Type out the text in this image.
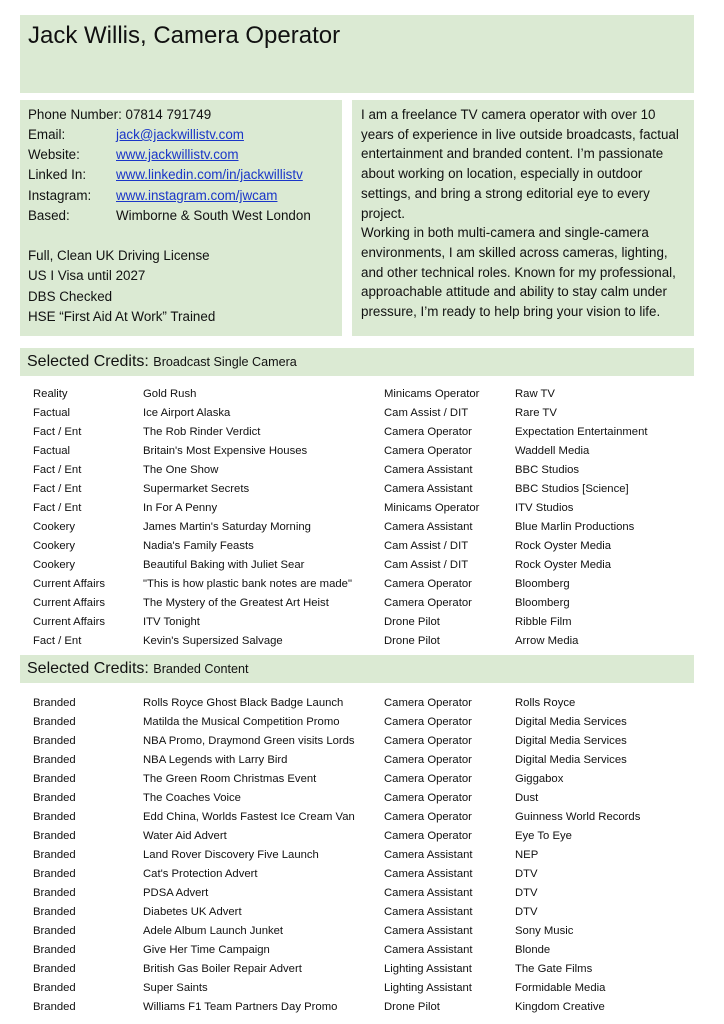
Jack Willis, Camera Operator
Phone Number: 07814 791749
Email:	jack@jackwillistv.com
Website:	www.jackwillistv.com
Linked In: www.linkedin.com/in/jackwillistv
Instagram: www.instagram.com/jwcam
Based:	Wimborne & South West London
Full, Clean UK Driving License
US I Visa until 2027
DBS Checked
HSE “First Aid At Work” Trained

I am a freelance TV camera operator with over 10 years of experience in live outside broadcasts, factual entertainment and branded content. I’m passionate about working on location, especially in outdoor settings, and bring a strong editorial eye to every project.

Working in both multi-camera and single-camera environments, I am skilled across cameras, lighting, and other technical roles. Known for my professional, approachable attitude and ability to stay calm under pressure, I’m ready to help bring your vision to life.

Selected Credits: Broadcast Single Camera
Reality	Gold Rush	Minicams Operator	Raw TV
Factual	Ice Airport Alaska	Cam Assist / DIT	Rare TV
Fact / Ent	The Rob Rinder Verdict	Camera Operator	Expectation Entertainment
Factual	Britain's Most Expensive Houses	Camera Operator	Waddell Media
Fact / Ent	The One Show	Camera Assistant	BBC Studios
Fact / Ent	Supermarket Secrets	Camera Assistant	BBC Studios [Science]
Fact / Ent	In For A Penny	Minicams Operator	ITV Studios
Cookery	James Martin's Saturday Morning	Camera Assistant	Blue Marlin Productions
Cookery	Nadia's Family Feasts	Cam Assist / DIT	Rock Oyster Media
Cookery	Beautiful Baking with Juliet Sear	Cam Assist / DIT	Rock Oyster Media
Current Affairs	"This is how plastic bank notes are made"	Camera Operator	Bloomberg
Current Affairs	The Mystery of the Greatest Art Heist	Camera Operator	Bloomberg
Current Affairs	ITV Tonight	Drone Pilot	Ribble Film
Fact / Ent	Kevin's Supersized Salvage	Drone Pilot	Arrow Media
Selected Credits: Branded Content
Branded	Rolls Royce Ghost Black Badge Launch	Camera Operator	Rolls Royce
Branded	Matilda the Musical Competition Promo	Camera Operator	Digital Media Services
Branded	NBA Promo, Draymond Green visits Lords	Camera Operator	Digital Media Services
Branded	NBA Legends with Larry Bird	Camera Operator	Digital Media Services
Branded	The Green Room Christmas Event	Camera Operator	Giggabox
Branded	The Coaches Voice	Camera Operator	Dust
Branded	Edd China, Worlds Fastest Ice Cream Van	Camera Operator	Guinness World Records
Branded	Water Aid Advert	Camera Operator	Eye To Eye
Branded	Land Rover Discovery Five Launch	Camera Assistant	NEP
Branded	Cat's Protection Advert	Camera Assistant	DTV
Branded	PDSA Advert	Camera Assistant	DTV
Branded	Diabetes UK Advert	Camera Assistant	DTV
Branded	Adele Album Launch Junket	Camera Assistant	Sony Music
Branded	Give Her Time Campaign	Camera Assistant	Blonde
Branded	British Gas Boiler Repair Advert	Lighting Assistant	The Gate Films
Branded	Super Saints	Lighting Assistant	Formidable Media
Branded	Williams F1 Team Partners Day Promo	Drone Pilot	Kingdom Creative
